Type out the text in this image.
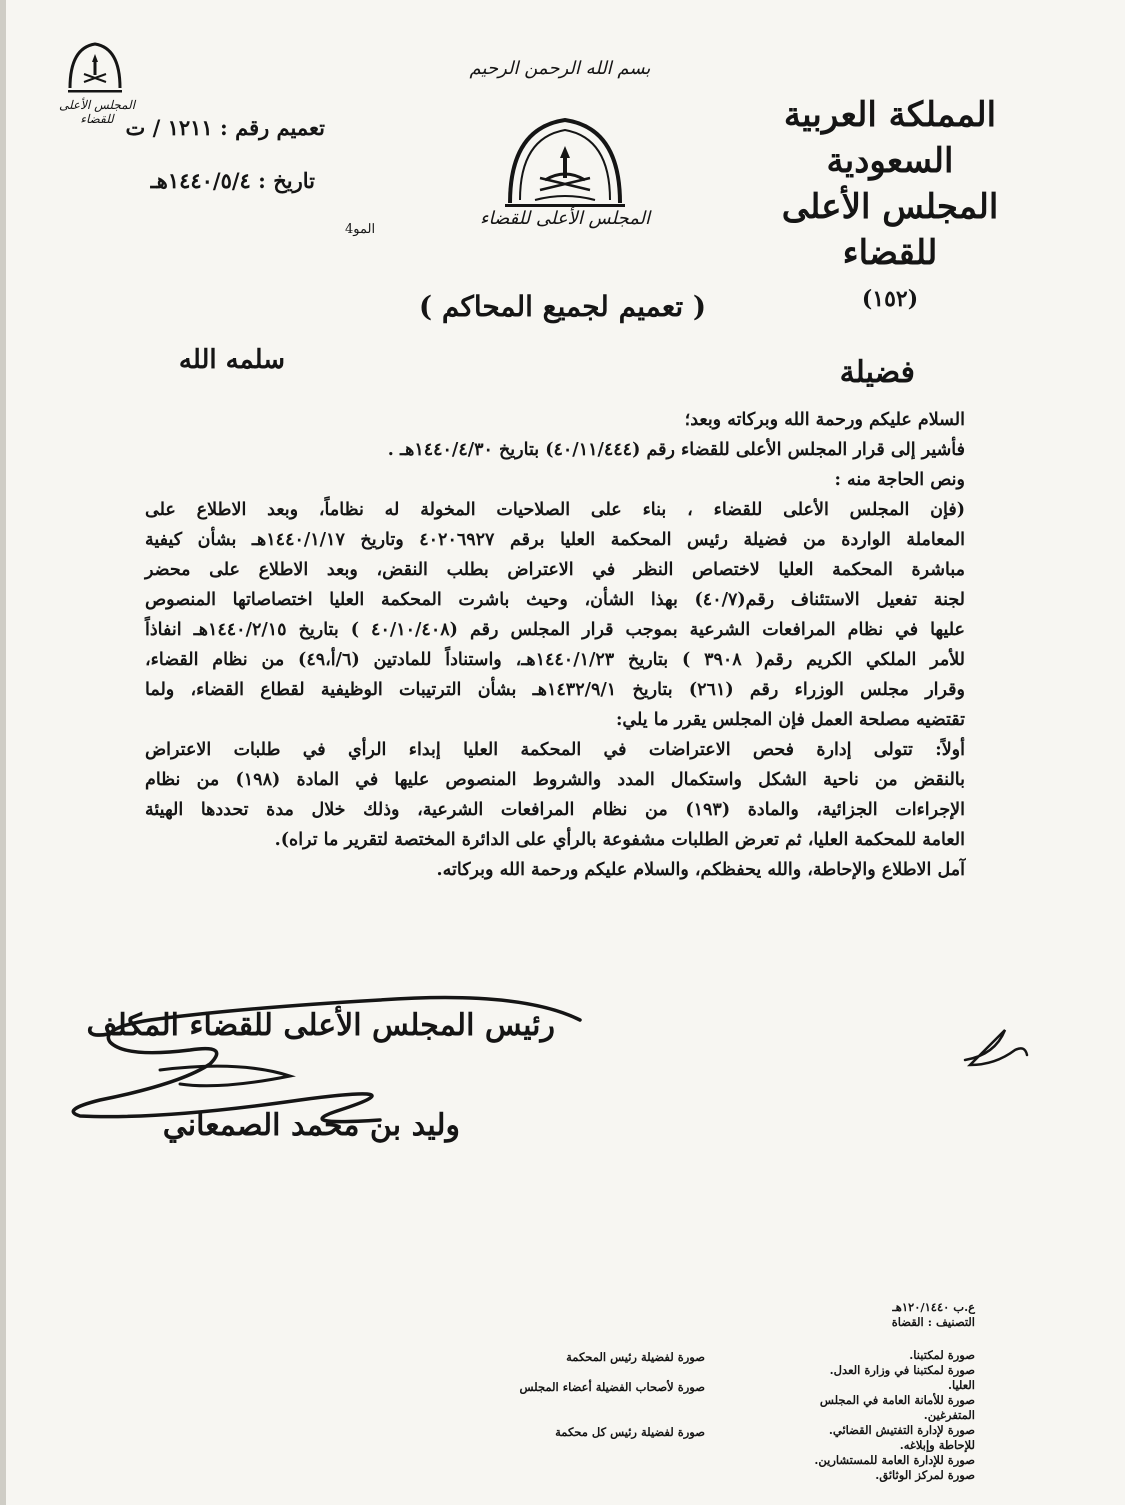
المملكة العربية السعودية
المجلس الأعلى للقضاء
(١٥٢)
بسم الله الرحمن الرحيم
المجلس الأعلى للقضاء
المو4
المجلس الأعلى للقضاء تعميم رقم : ١٢١١ / ت
تاريخ : ١٤٤٠/٥/٤هـ
( تعميم لجميع المحاكم )
فضيلة
سلمه الله

السلام عليكم ورحمة الله وبركاته وبعد؛

فأشير إلى قرار المجلس الأعلى للقضاء رقم (٤٠/١١/٤٤٤) بتاريخ ١٤٤٠/٤/٣٠هـ .

ونص الحاجة منه :

(فإن المجلس الأعلى للقضاء ، بناء على الصلاحيات المخولة له نظاماً، وبعد الاطلاع على

المعاملة الواردة من فضيلة رئيس المحكمة العليا برقم ٤٠٢٠٦٩٢٧ وتاريخ ١٤٤٠/١/١٧هـ بشأن كيفية

مباشرة المحكمة العليا لاختصاص النظر في الاعتراض بطلب النقض، وبعد الاطلاع على محضر

لجنة تفعيل الاستئناف رقم(٤٠/٧) بهذا الشأن، وحيث باشرت المحكمة العليا اختصاصاتها المنصوص

عليها في نظام المرافعات الشرعية بموجب قرار المجلس رقم (٤٠/١٠/٤٠٨ ) بتاريخ ١٤٤٠/٢/١٥هـ انفاذاً

للأمر الملكي الكريم رقم( ٣٩٠٨ ) بتاريخ ١٤٤٠/١/٢٣هـ، واستناداً للمادتين (٦/أ،٤٩) من نظام القضاء،

وقرار مجلس الوزراء رقم (٢٦١) بتاريخ ١٤٣٢/٩/١هـ بشأن الترتيبات الوظيفية لقطاع القضاء، ولما

تقتضيه مصلحة العمل فإن المجلس يقرر ما يلي:

أولاً: تتولى إدارة فحص الاعتراضات في المحكمة العليا إبداء الرأي في طلبات الاعتراض

بالنقض من ناحية الشكل واستكمال المدد والشروط المنصوص عليها في المادة (١٩٨) من نظام

الإجراءات الجزائية، والمادة (١٩٣) من نظام المرافعات الشرعية، وذلك خلال مدة تحددها الهيئة

العامة للمحكمة العليا، ثم تعرض الطلبات مشفوعة بالرأي على الدائرة المختصة لتقرير ما تراه).

آمل الاطلاع والإحاطة، والله يحفظكم، والسلام عليكم ورحمة الله وبركاته.

رئيس المجلس الأعلى للقضاء المكلف
وليد بن محمد الصمعاني
ع.ب ١٢٠/١٤٤٠هـ
التصنيف : القضاة
صورة لمكتبنا.
صورة لمكتبنا في وزارة العدل.
العليا.
صورة للأمانة العامة في المجلس
المتفرغين.
صورة لإدارة التفتيش القضائي.
للإحاطة وإبلاغه.
صورة للإدارة العامة للمستشارين.
صورة لمركز الوثائق.
صورة لفضيلة رئيس المحكمة
صورة لأصحاب الفضيلة أعضاء المجلس
صورة لفضيلة رئيس كل محكمة
